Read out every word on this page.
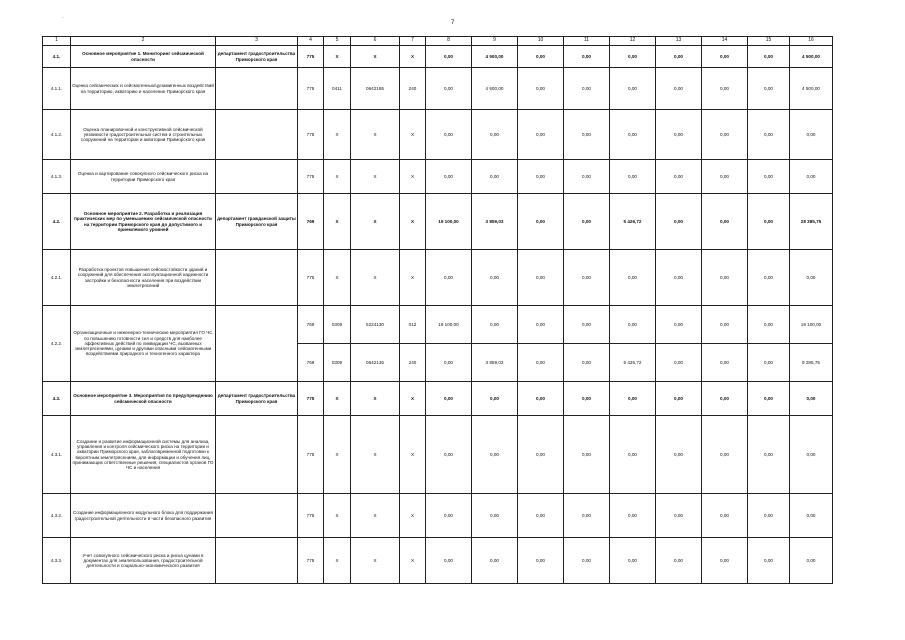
·
7
1	2	3	4	5	6	7	8	9	10	11	12	13	14	15	16
4.1.	Основное мероприятие 1. Мониторинг сейсмической опасности	департамент градостроительства Приморского края	775	X	X	X	0,00	4 500,00	0,00	0,00	0,00	0,00	0,00	0,00	4 500,00
4.1.1.	Оценка сейсмических и сейсмогенных/цунамигенных воздействий на территорию, акваторию и население Приморского края		775	0411	0642185	240	0,00	4 500,00	0,00	0,00	0,00	0,00	0,00	0,00	4 500,00
4.1.2.	Оценка планировочной и конструктивной сейсмической уязвимости градостроительных систем и строительных сооружений на территории и акватории Приморского края		775	X	X	X	0,00	0,00	0,00	0,00	0,00	0,00	0,00	0,00	0,00
4.1.3.	Оценка и картирование совокупного сейсмического риска на территории Приморского края		775	X	X	X	0,00	0,00	0,00	0,00	0,00	0,00	0,00	0,00	0,00
4.2.	Основное мероприятие 2. Разработка и реализация практических мер по уменьшению сейсмической опасности на территории Приморского края до допустимого и приемлемого уровней	департамент гражданской защиты Приморского края	769	X	X	X	19 100,00	3 859,03	0,00	0,00	5 426,72	0,00	0,00	0,00	28 385,75
4.2.1.	Разработка проектов повышения сейсмостойкости зданий и сооружений для обеспечения эксплуатационной надежности застройки и безопасности населения при воздействии землетрясений		775	X	X	X	0,00	0,00	0,00	0,00	0,00	0,00	0,00	0,00	0,00
4.2.2.	Организационные и инженерно-технические мероприятия ГО ЧС по повышению готовности сил и средств для наиболее эффективных действий по ликвидации ЧС, вызванных землетрясениями, цунами и другими опасными сейсмогенными воздействиями природного и техногенного характера		769	0309	5224130	012	19 100,00	0,00	0,00	0,00	0,00	0,00	0,00	0,00	19 100,00
			769	0309	0642135	240	0,00	3 859,03	0,00	0,00	5 426,72	0,00	0,00	0,00	9 285,75
4.3.	Основное мероприятие 3. Мероприятия по предупреждению сейсмической опасности	департамент градостроительства Приморского края	775	X	X	X	0,00	0,00	0,00	0,00	0,00	0,00	0,00	0,00	0,00
4.3.1.	Создание и развитие информационной системы для анализа, управления и контроля сейсмического риска на территории и акватории Приморского края, заблаговременной подготовки к вероятным землетрясениям, для информации и обучения лиц, принимающих ответственные решения, специалистов органов ГО ЧС и населения		775	X	X	X	0,00	0,00	0,00	0,00	0,00	0,00	0,00	0,00	0,00
4.3.2.	Создание информационного модульного блока для поддержания градостроительной деятельности в части безопасного развития		775	X	X	X	0,00	0,00	0,00	0,00	0,00	0,00	0,00	0,00	0,00
4.3.3.	Учет совокупного сейсмического риска и риска цунами в документах для землепользования, градостроительной деятельности и социально-экономического развития		775	X	X	X	0,00	0,00	0,00	0,00	0,00	0,00	0,00	0,00	0,00
